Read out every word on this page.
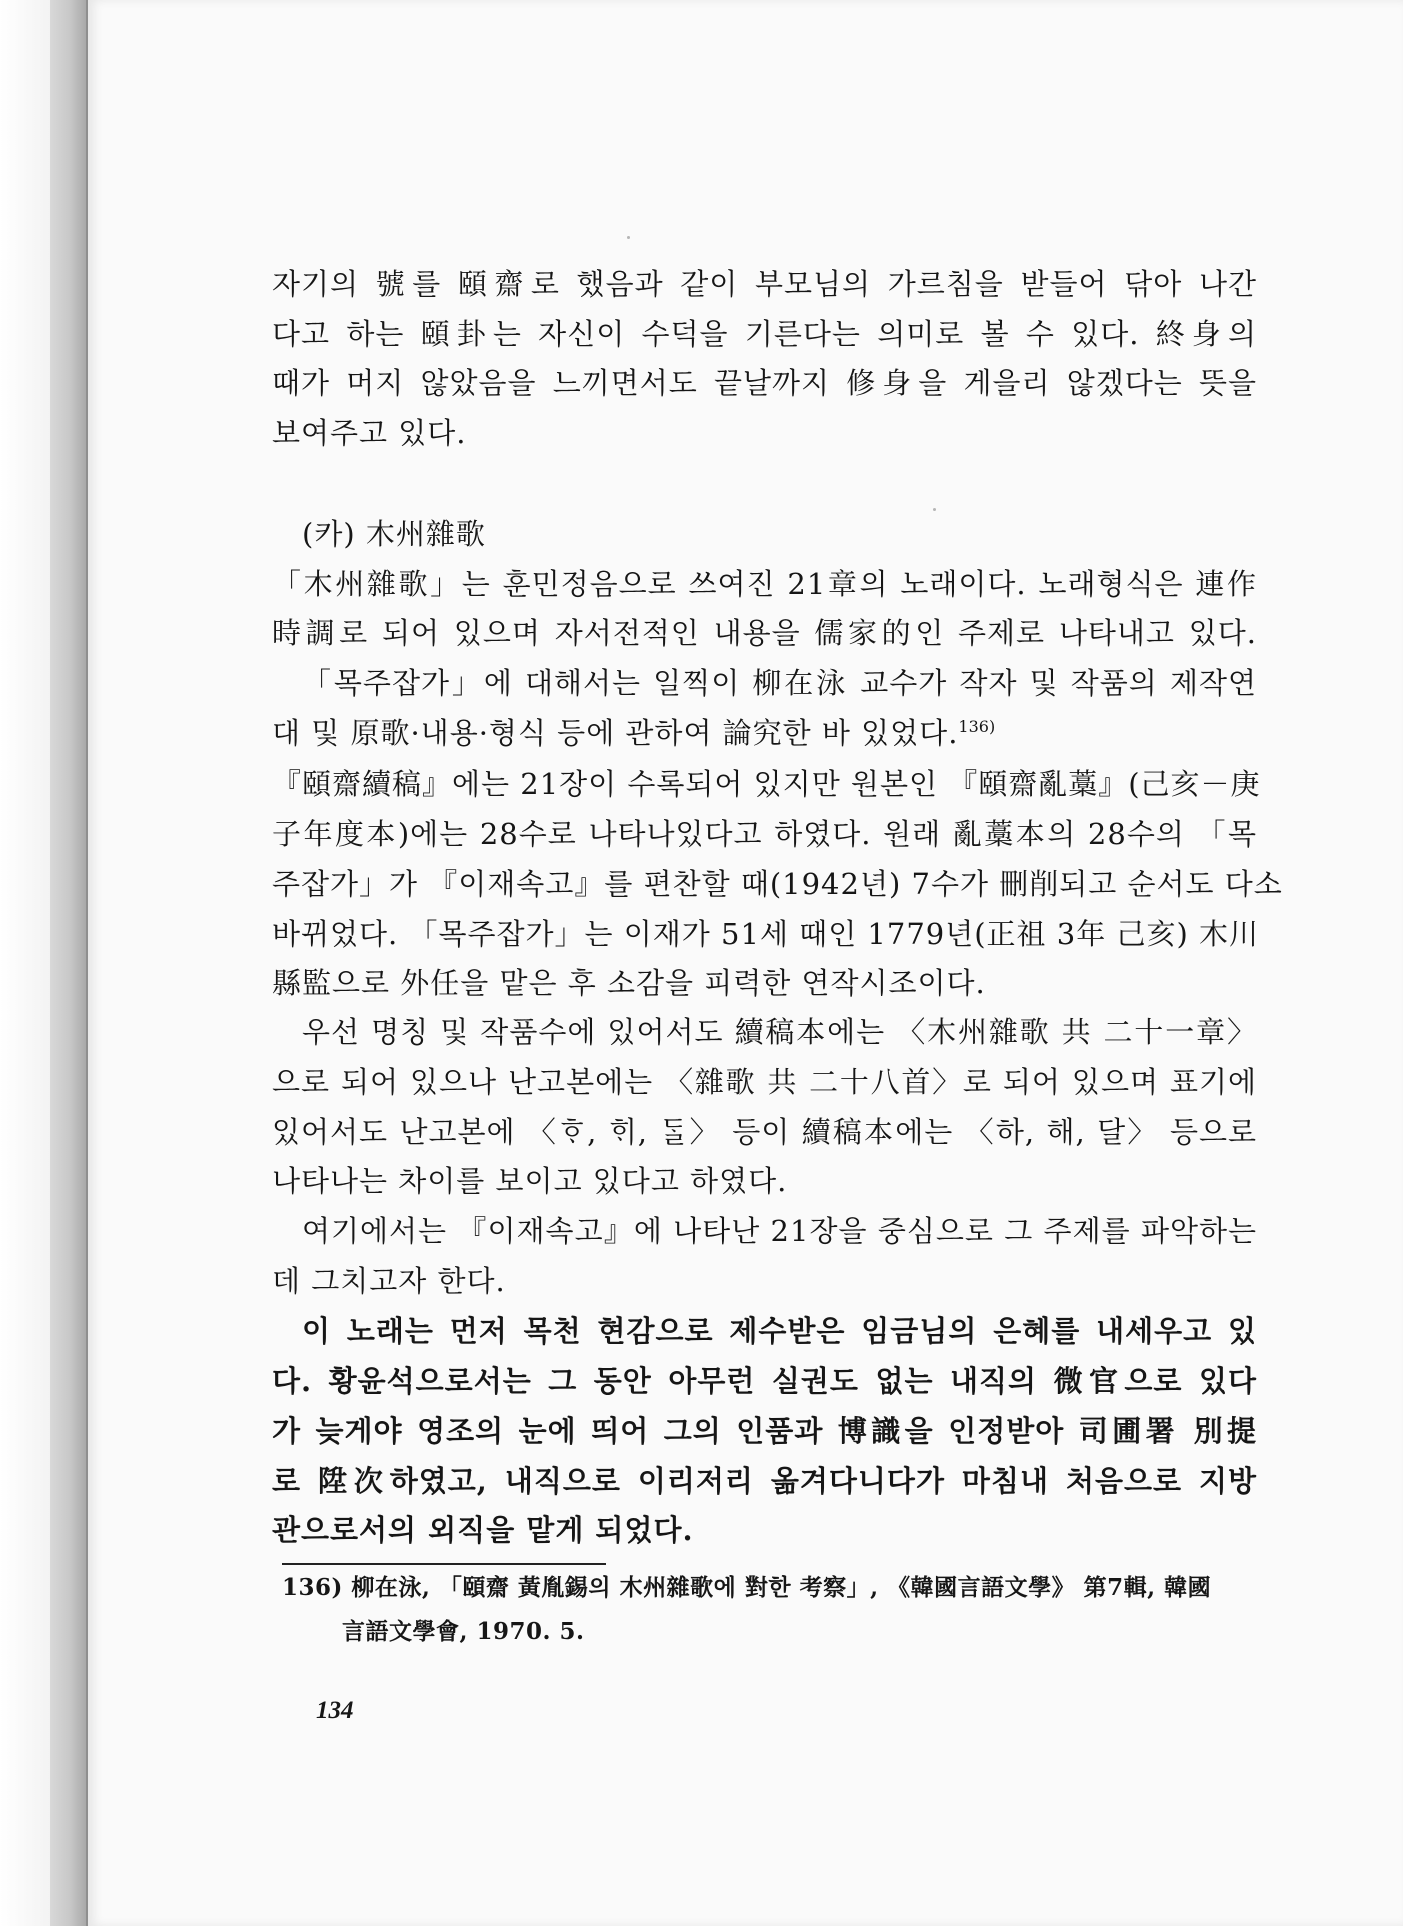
자기의 號를 頤齋로 했음과 같이 부모님의 가르침을 받들어 닦아 나간
다고 하는 頤卦는 자신이 수덕을 기른다는 의미로 볼 수 있다. 終身의
때가 머지 않았음을 느끼면서도 끝날까지 修身을 게을리 않겠다는 뜻을
보여주고 있다.
(카) 木州雜歌
「木州雜歌」는 훈민정음으로 쓰여진 21章의 노래이다. 노래형식은 連作
時調로 되어 있으며 자서전적인 내용을 儒家的인 주제로 나타내고 있다.
「목주잡가」에 대해서는 일찍이 柳在泳 교수가 작자 및 작품의 제작연
대 및 原歌·내용·형식 등에 관하여 論究한 바 있었다.$^{136)}$
『頤齋續稿』에는 21장이 수록되어 있지만 원본인 『頤齋亂藁』(己亥－庚
子年度本)에는 28수로 나타나있다고 하였다. 원래 亂藁本의 28수의 「목
주잡가」가 『이재속고』를 편찬할 때(1942년) 7수가 刪削되고 순서도 다소
바뀌었다. 「목주잡가」는 이재가 51세 때인 1779년(正祖 3年 己亥) 木川
縣監으로 外任을 맡은 후 소감을 피력한 연작시조이다.
우선 명칭 및 작품수에 있어서도 續稿本에는 〈木州雜歌 共 二十一章〉
으로 되어 있으나 난고본에는 〈雜歌 共 二十八首〉로 되어 있으며 표기에
있어서도 난고본에 〈ᄒᆞ, ᄒᆡ, ᄃᆞᆯ〉 등이 續稿本에는 〈하, 해, 달〉 등으로
나타나는 차이를 보이고 있다고 하였다.
여기에서는 『이재속고』에 나타난 21장을 중심으로 그 주제를 파악하는
데 그치고자 한다.
이 노래는 먼저 목천 현감으로 제수받은 임금님의 은혜를 내세우고 있
다. 황윤석으로서는 그 동안 아무런 실권도 없는 내직의 微官으로 있다
가 늦게야 영조의 눈에 띄어 그의 인품과 博識을 인정받아 司圃署 別提
로 陞次하였고, 내직으로 이리저리 옮겨다니다가 마침내 처음으로 지방
관으로서의 외직을 맡게 되었다.
136) 柳在泳, 「頤齋 黃胤錫의 木州雜歌에 對한 考察」, 《韓國言語文學》 第7輯, 韓國
言語文學會, 1970. 5.
134
